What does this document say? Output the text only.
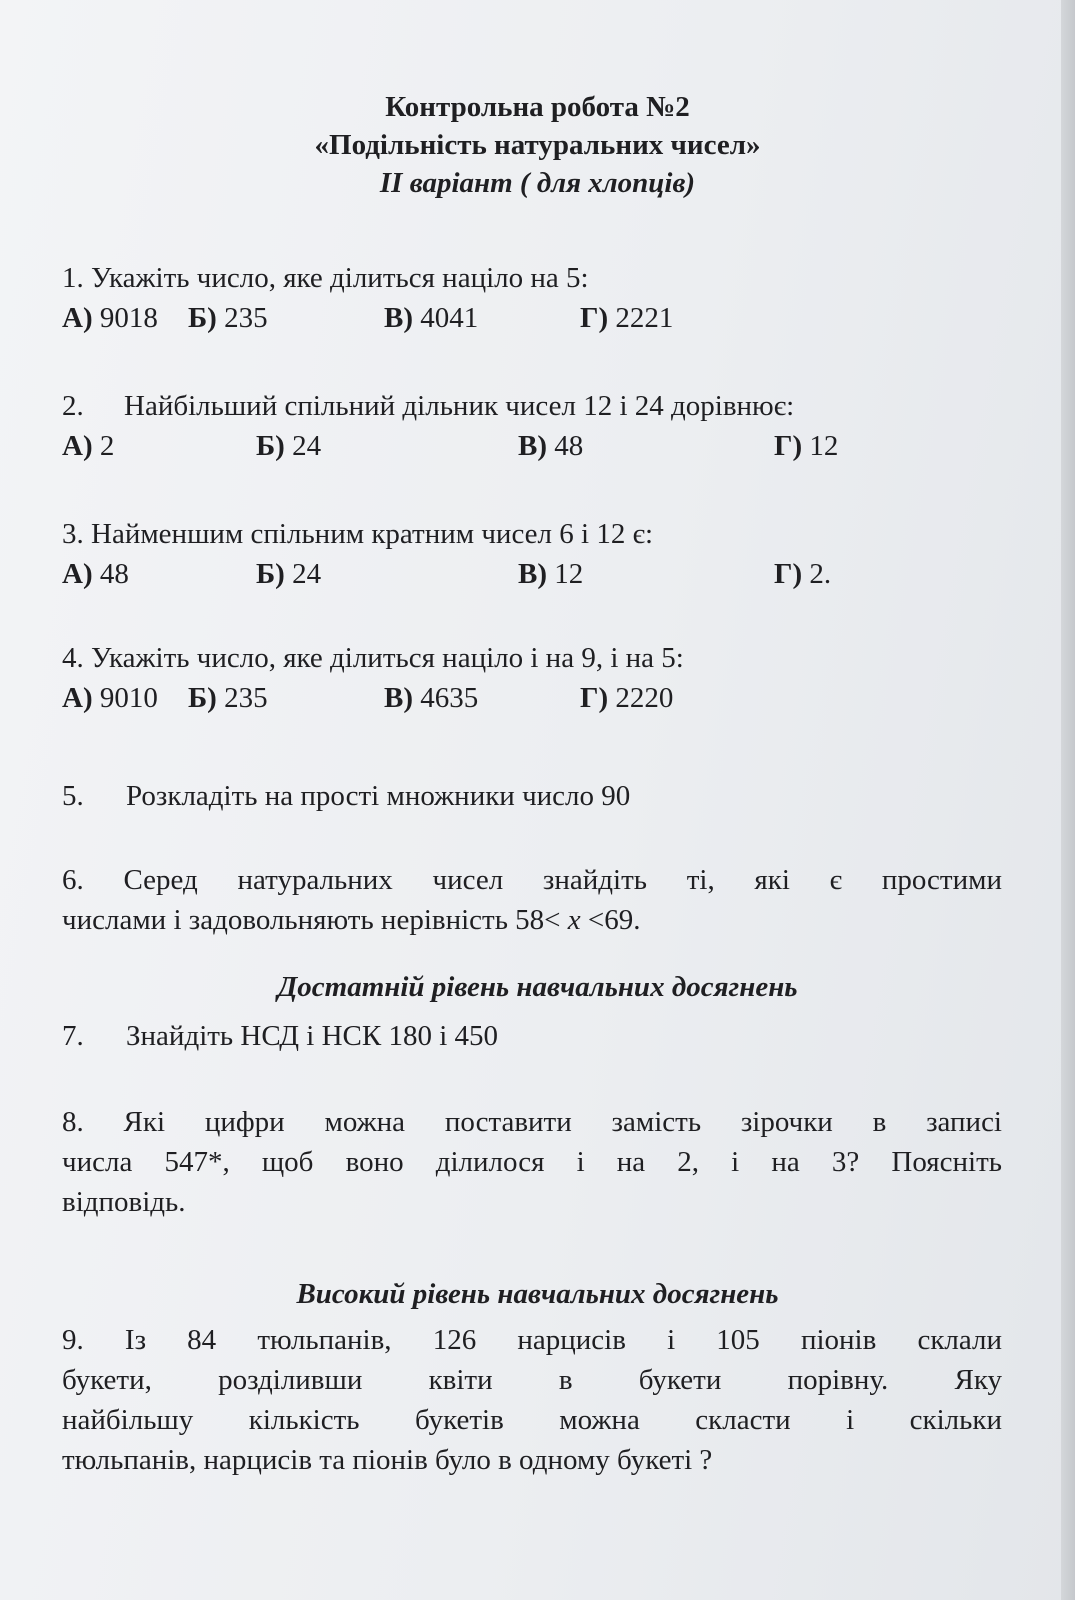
Контрольна робота №2
«Подільність натуральних чисел»
II варіант ( для хлопців)
1. Укажіть число, яке ділиться націло на 5:
А) 9018 Б) 235	В) 4041	Г) 2221
2. Найбільший спільний дільник чисел 12 і 24 дорівнює:
А) 2	Б) 24	В) 48	Г) 12
3. Найменшим спільним кратним чисел 6 і 12 є:
А) 48	Б) 24	В) 12	Г) 2.
4. Укажіть число, яке ділиться націло і на 9, і на 5:
А) 9010 Б) 235	В) 4635	Г) 2220
5. Розкладіть на прості множники число 90
6. Серед натуральних чисел знайдіть ті, які є простими
числами і задовольняють нерівність 58< x <69.
Достатній рівень навчальних досягнень
7. Знайдіть НСД і НСК 180 і 450
8. Які цифри можна поставити замість зірочки в записі
числа 547*, щоб воно ділилося і на 2, і на 3? Поясніть
відповідь.
Високий рівень навчальних досягнень
9. Із 84 тюльпанів, 126 нарцисів і 105 піонів склали
букети, розділивши квіти в букети порівну. Яку
найбільшу кількість букетів можна скласти і скільки
тюльпанів, нарцисів та піонів було в одному букеті ?
